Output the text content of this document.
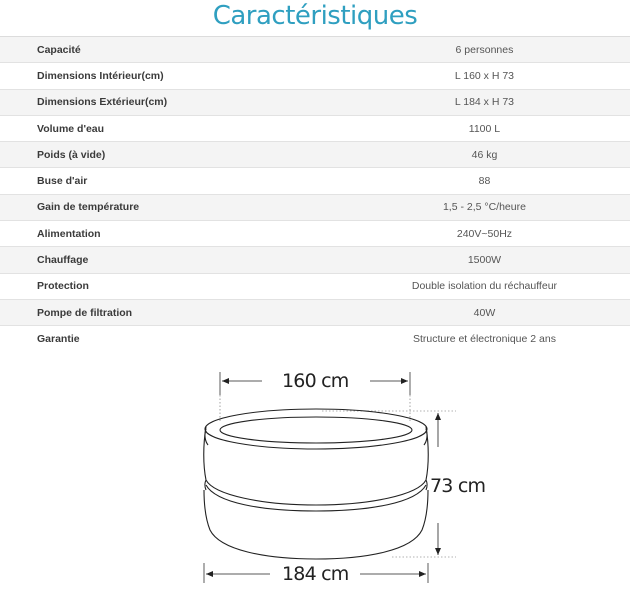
Caractéristiques
Capacité	6 personnes
Dimensions Intérieur(cm)	L 160 x H 73
Dimensions Extérieur(cm)	L 184 x H 73
Volume d'eau	1100 L
Poids (à vide)	46 kg
Buse d'air	88
Gain de température	1,5 - 2,5 °C/heure
Alimentation	240V~50Hz
Chauffage	1500W
Protection	Double isolation du réchauffeur
Pompe de filtration	40W
Garantie	Structure et électronique 2 ans
160 cm
73 cm
184 cm
